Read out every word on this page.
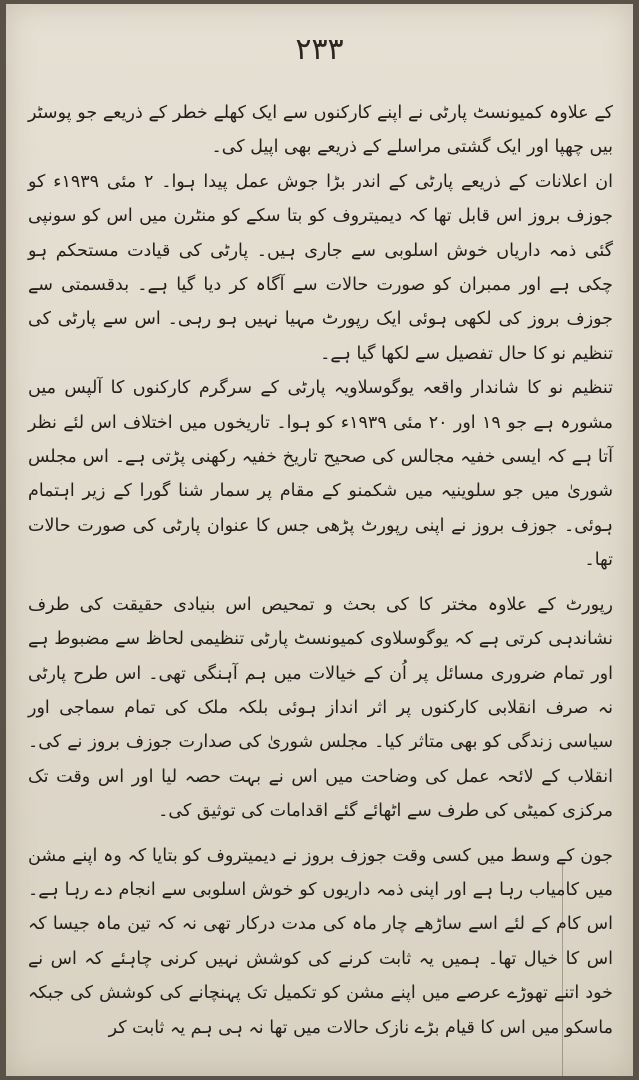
۲۳۳

کے علاوہ کمیونسٹ پارٹی نے اپنے کارکنوں سے ایک کھلے خطر کے ذریعے جو پوسٹر بیں چھپا اور ایک گشتی مراسلے کے ذریعے بھی اپیل کی۔

ان اعلانات کے ذریعے پارٹی کے اندر بڑا جوش عمل پیدا ہوا۔ ۲ مئی ۱۹۳۹ء کو جوزف بروز اس قابل تھا کہ دیمیتروف کو بتا سکے کو منٹرن میں اس کو سونپی گئی ذمہ داریاں خوش اسلوبی سے جاری ہیں۔ پارٹی کی قیادت مستحکم ہو چکی ہے اور ممبران کو صورت حالات سے آگاہ کر دیا گیا ہے۔ بدقسمتی سے جوزف بروز کی لکھی ہوئی ایک رپورٹ مہیا نہیں ہو رہی۔ اس سے پارٹی کی تنظیم نو کا حال تفصیل سے لکھا گیا ہے۔

تنظیم نو کا شاندار واقعہ یوگوسلاویہ پارٹی کے سرگرم کارکنوں کا آلپس میں مشورہ ہے جو ۱۹ اور ۲۰ مئی ۱۹۳۹ء کو ہوا۔ تاریخوں میں اختلاف اس لئے نظر آتا ہے کہ ایسی خفیہ مجالس کی صحیح تاریخ خفیہ رکھنی پڑتی ہے۔ اس مجلس شوریٰ میں جو سلوینیہ میں شکمنو کے مقام پر سمار شنا گورا کے زیر اہتمام ہوئی۔ جوزف بروز نے اپنی رپورٹ پڑھی جس کا عنوان پارٹی کی صورت حالات تھا۔

رپورٹ کے علاوہ مختر کا کی بحث و تمحیص اس بنیادی حقیقت کی طرف نشاندہی کرتی ہے کہ یوگوسلاوی کمیونسٹ پارٹی تنظیمی لحاظ سے مضبوط ہے اور تمام ضروری مسائل پر اُن کے خیالات میں ہم آہنگی تھی۔ اس طرح پارٹی نہ صرف انقلابی کارکنوں پر اثر انداز ہوئی بلکہ ملک کی تمام سماجی اور سیاسی زندگی کو بھی متاثر کیا۔ مجلس شوریٰ کی صدارت جوزف بروز نے کی۔ انقلاب کے لائحہ عمل کی وضاحت میں اس نے بہت حصہ لیا اور اس وقت تک مرکزی کمیٹی کی طرف سے اٹھائے گئے اقدامات کی توثیق کی۔

جون کے وسط میں کسی وقت جوزف بروز نے دیمیتروف کو بتایا کہ وہ اپنے مشن میں کامیاب رہا ہے اور اپنی ذمہ داریوں کو خوش اسلوبی سے انجام دے رہا ہے۔ اس کام کے لئے اسے ساڑھے چار ماہ کی مدت درکار تھی نہ کہ تین ماہ جیسا کہ اس کا خیال تھا۔ ہمیں یہ ثابت کرنے کی کوشش نہیں کرنی چاہئے کہ اس نے خود اتنے تھوڑے عرصے میں اپنے مشن کو تکمیل تک پہنچانے کی کوشش کی جبکہ ماسکو میں اس کا قیام بڑے نازک حالات میں تھا نہ ہی ہم یہ ثابت کر
